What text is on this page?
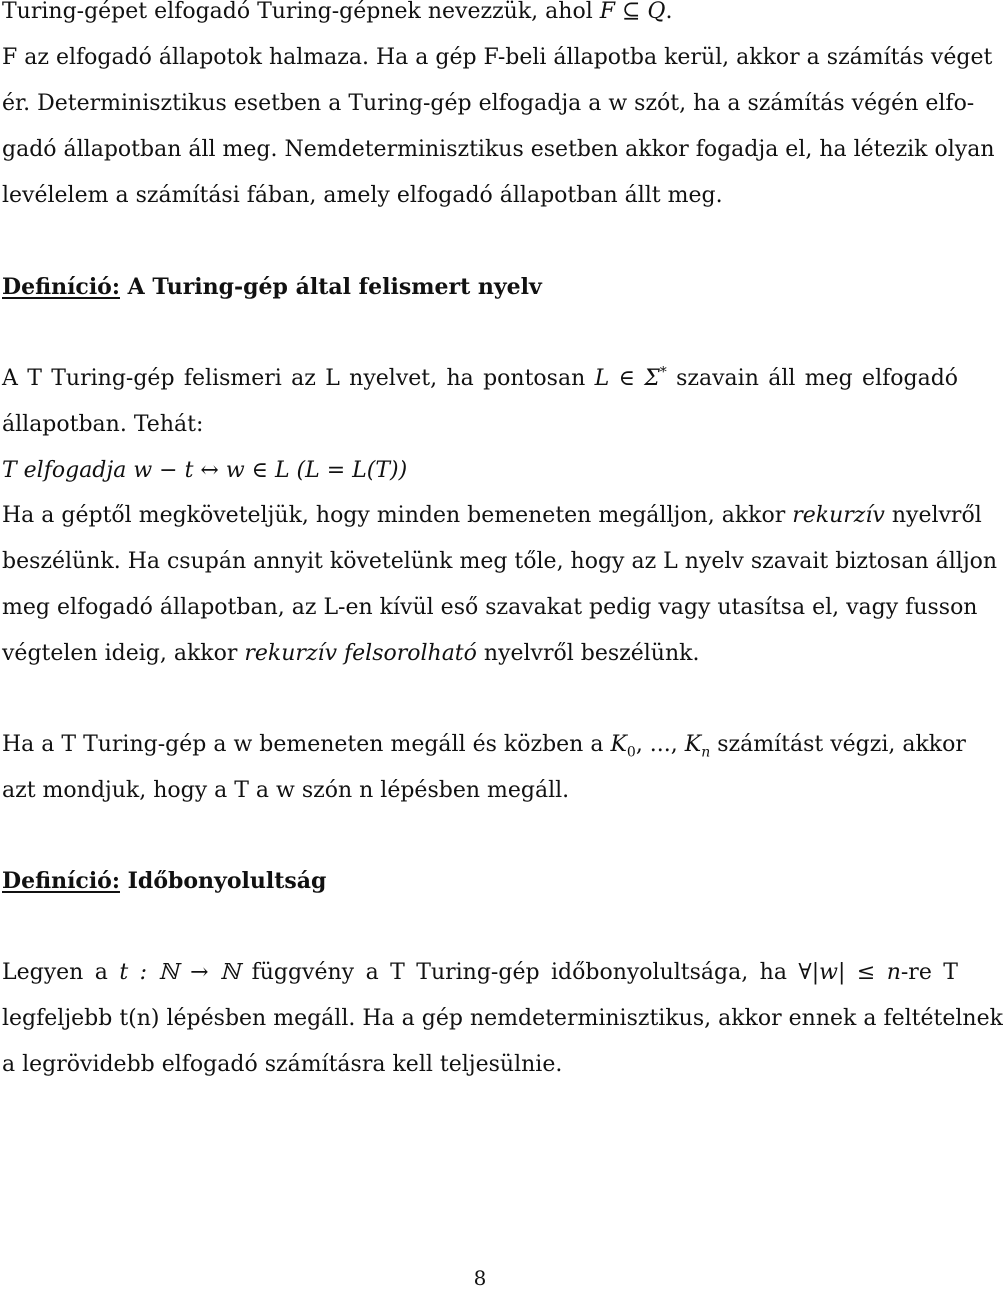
Turing-gépet elfogadó Turing-gépnek nevezzük, ahol F ⊆ Q.
F az elfogadó állapotok halmaza. Ha a gép F-beli állapotba kerül, akkor a számítás véget
ér. Determinisztikus esetben a Turing-gép elfogadja a w szót, ha a számítás végén elfo-
gadó állapotban áll meg. Nemdeterminisztikus esetben akkor fogadja el, ha létezik olyan
levélelem a számítási fában, amely elfogadó állapotban állt meg.
Definíció: A Turing-gép által felismert nyelv
A T Turing-gép felismeri az L nyelvet, ha pontosan L ∈ Σ* szavain áll meg elfogadó
állapotban. Tehát:
T elfogadja w − t ↔ w ∈ L (L = L(T))
Ha a géptől megköveteljük, hogy minden bemeneten megálljon, akkor rekurzív nyelvről
beszélünk. Ha csupán annyit követelünk meg tőle, hogy az L nyelv szavait biztosan álljon
meg elfogadó állapotban, az L-en kívül eső szavakat pedig vagy utasítsa el, vagy fusson
végtelen ideig, akkor rekurzív felsorolható nyelvről beszélünk.
Ha a T Turing-gép a w bemeneten megáll és közben a $K_0$, ..., $K_n$ számítást végzi, akkor
azt mondjuk, hogy a T a w szón n lépésben megáll.
Definíció: Időbonyolultság
Legyen a t : ℕ → ℕ függvény a T Turing-gép időbonyolultsága, ha ∀|w| ≤ n-re T
legfeljebb t(n) lépésben megáll. Ha a gép nemdeterminisztikus, akkor ennek a feltételnek
a legrövidebb elfogadó számításra kell teljesülnie.
8
